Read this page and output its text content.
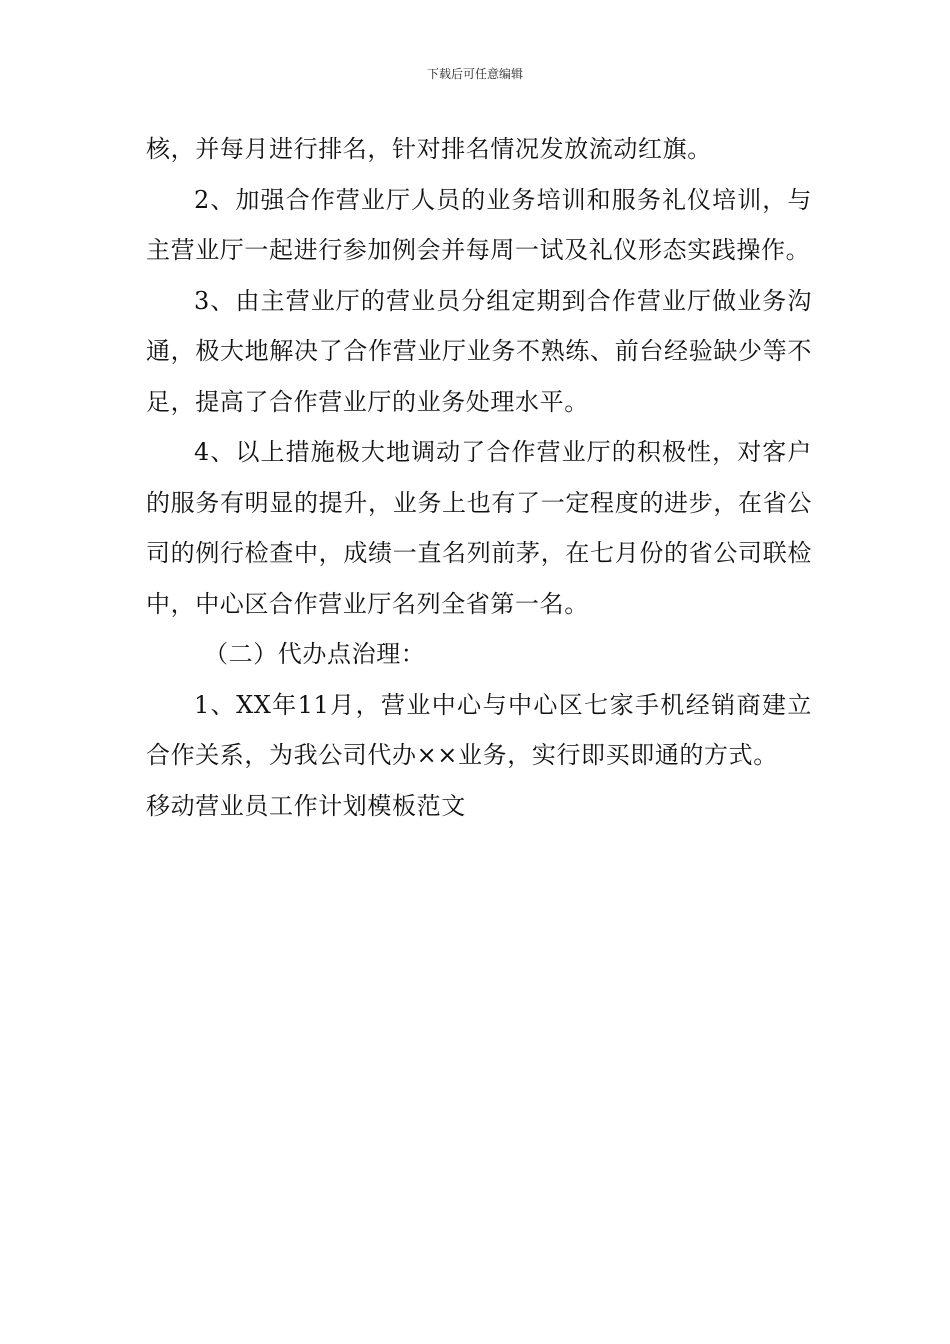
下载后可任意编辑

核，并每月进行排名，针对排名情况发放流动红旗。

2、加强合作营业厅人员的业务培训和服务礼仪培训，与主营业厅一起进行参加例会并每周一试及礼仪形态实践操作。

3、由主营业厅的营业员分组定期到合作营业厅做业务沟通，极大地解决了合作营业厅业务不熟练、前台经验缺少等不足，提高了合作营业厅的业务处理水平。

4、以上措施极大地调动了合作营业厅的积极性，对客户的服务有明显的提升，业务上也有了一定程度的进步，在省公司的例行检查中，成绩一直名列前茅，在七月份的省公司联检中，中心区合作营业厅名列全省第一名。

（二）代办点治理：

1、XX年11月，营业中心与中心区七家手机经销商建立合作关系，为我公司代办××业务，实行即买即通的方式。

移动营业员工作计划模板范文
